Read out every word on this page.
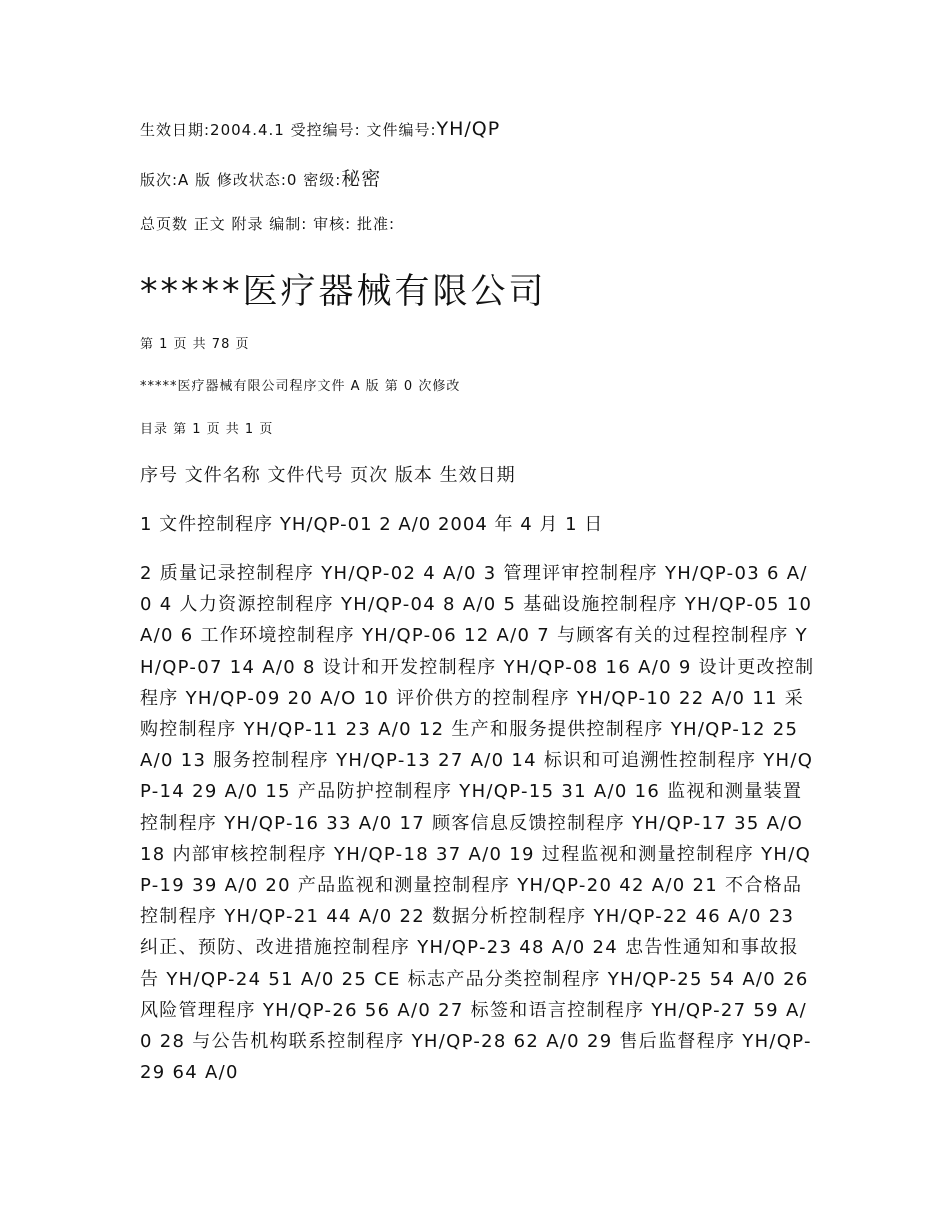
生效日期:2004.4.1 受控编号: 文件编号:YH/QP
版次:A 版 修改状态:0 密级:秘密
总页数 正文 附录 编制: 审核: 批准:
*****医疗器械有限公司
第 1 页 共 78 页
*****医疗器械有限公司程序文件 A 版 第 0 次修改
目录 第 1 页 共 1 页
序号 文件名称 文件代号 页次 版本 生效日期
1 文件控制程序 YH/QP-01 2 A/0 2004 年 4 月 1 日
2 质量记录控制程序 YH/QP-02 4 A/0 3 管理评审控制程序 YH/QP-03 6 A/0 4 人力资源控制程序 YH/QP-04 8 A/0 5 基础设施控制程序 YH/QP-05 10 A/0 6 工作环境控制程序 YH/QP-06 12 A/0 7 与顾客有关的过程控制程序 YH/QP-07 14 A/0 8 设计和开发控制程序 YH/QP-08 16 A/0 9 设计更改控制程序 YH/QP-09 20 A/O 10 评价供方的控制程序 YH/QP-10 22 A/0 11 采购控制程序 YH/QP-11 23 A/0 12 生产和服务提供控制程序 YH/QP-12 25 A/0 13 服务控制程序 YH/QP-13 27 A/0 14 标识和可追溯性控制程序 YH/QP-14 29 A/0 15 产品防护控制程序 YH/QP-15 31 A/0 16 监视和测量装置控制程序 YH/QP-16 33 A/0 17 顾客信息反馈控制程序 YH/QP-17 35 A/O 18 内部审核控制程序 YH/QP-18 37 A/0 19 过程监视和测量控制程序 YH/QP-19 39 A/0 20 产品监视和测量控制程序 YH/QP-20 42 A/0 21 不合格品控制程序 YH/QP-21 44 A/0 22 数据分析控制程序 YH/QP-22 46 A/0 23 纠正、预防、改进措施控制程序 YH/QP-23 48 A/0 24 忠告性通知和事故报告 YH/QP-24 51 A/0 25 CE 标志产品分类控制程序 YH/QP-25 54 A/0 26 风险管理程序 YH/QP-26 56 A/0 27 标签和语言控制程序 YH/QP-27 59 A/0 28 与公告机构联系控制程序 YH/QP-28 62 A/0 29 售后监督程序 YH/QP-29 64 A/0
